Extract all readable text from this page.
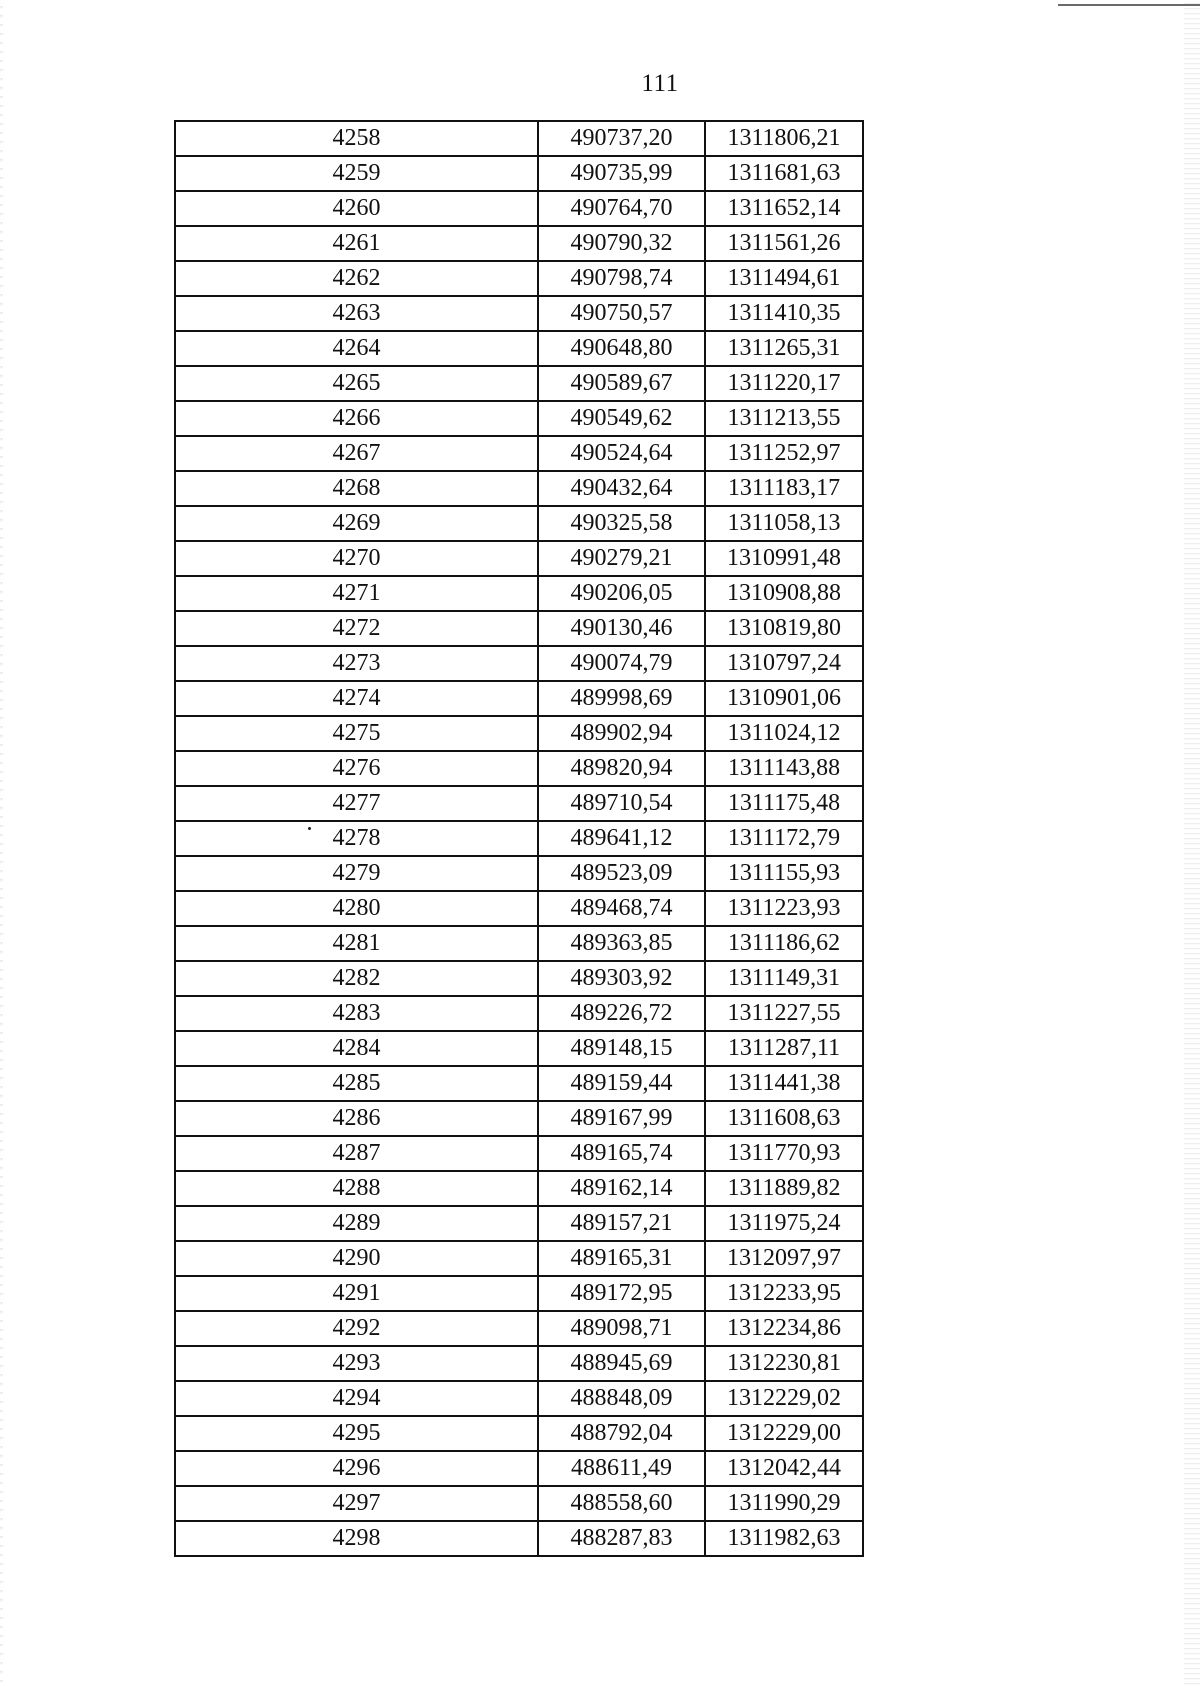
111
4258	490737,20	1311806,21
4259	490735,99	1311681,63
4260	490764,70	1311652,14
4261	490790,32	1311561,26
4262	490798,74	1311494,61
4263	490750,57	1311410,35
4264	490648,80	1311265,31
4265	490589,67	1311220,17
4266	490549,62	1311213,55
4267	490524,64	1311252,97
4268	490432,64	1311183,17
4269	490325,58	1311058,13
4270	490279,21	1310991,48
4271	490206,05	1310908,88
4272	490130,46	1310819,80
4273	490074,79	1310797,24
4274	489998,69	1310901,06
4275	489902,94	1311024,12
4276	489820,94	1311143,88
4277	489710,54	1311175,48
4278	489641,12	1311172,79
4279	489523,09	1311155,93
4280	489468,74	1311223,93
4281	489363,85	1311186,62
4282	489303,92	1311149,31
4283	489226,72	1311227,55
4284	489148,15	1311287,11
4285	489159,44	1311441,38
4286	489167,99	1311608,63
4287	489165,74	1311770,93
4288	489162,14	1311889,82
4289	489157,21	1311975,24
4290	489165,31	1312097,97
4291	489172,95	1312233,95
4292	489098,71	1312234,86
4293	488945,69	1312230,81
4294	488848,09	1312229,02
4295	488792,04	1312229,00
4296	488611,49	1312042,44
4297	488558,60	1311990,29
4298	488287,83	1311982,63
